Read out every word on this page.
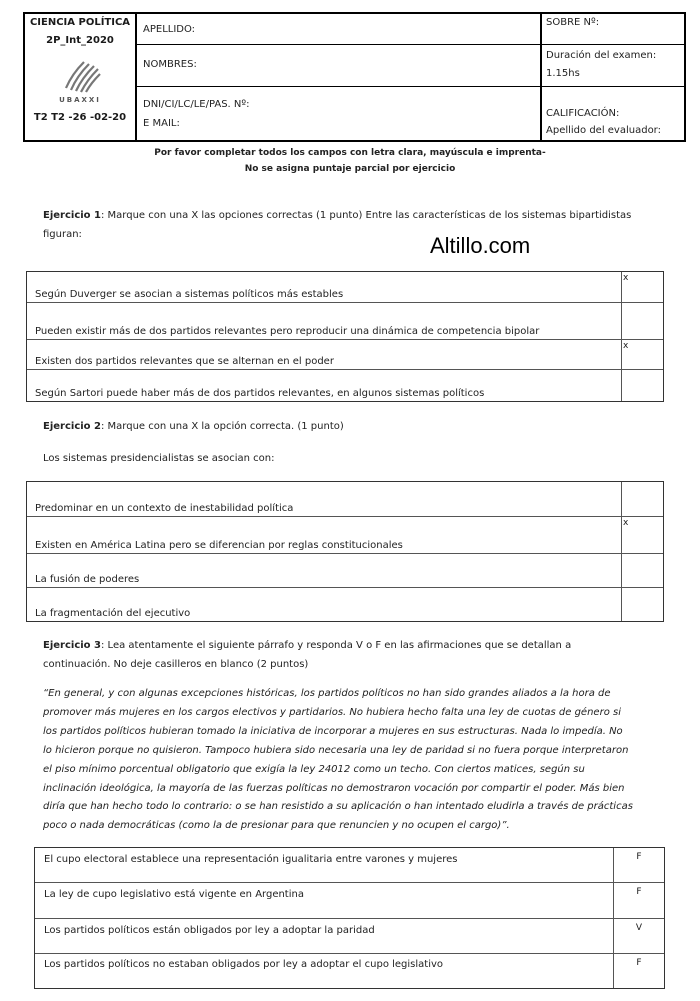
CIENCIA POLÍTICA
2P_Int_2020
UBAXXI
T2 T2 -26 -02-20
APELLIDO:
NOMBRES:
DNI/CI/LC/LE/PAS. Nº:
E MAIL:
SOBRE Nº:
Duración del examen:
1.15hs
CALIFICACIÓN:
Apellido del evaluador:
Por favor completar todos los campos con letra clara, mayúscula e imprenta-
No se asigna puntaje parcial por ejercicio
Ejercicio 1: Marque con una X las opciones correctas (1 punto) Entre las características de los sistemas bipartidistas
figuran:	Altillo.com
Según Duverger se asocian a sistemas políticos más estables
x
Pueden existir más de dos partidos relevantes pero reproducir una dinámica de competencia bipolar
Existen dos partidos relevantes que se alternan en el poder
x
Según Sartori puede haber más de dos partidos relevantes, en algunos sistemas políticos
Ejercicio 2: Marque con una X la opción correcta. (1 punto)
Los sistemas presidencialistas se asocian con:
Predominar en un contexto de inestabilidad política
Existen en América Latina pero se diferencian por reglas constitucionales
x
La fusión de poderes
La fragmentación del ejecutivo
Ejercicio 3: Lea atentamente el siguiente párrafo y responda V o F en las afirmaciones que se detallan a
continuación. No deje casilleros en blanco (2 puntos)
“En general, y con algunas excepciones históricas, los partidos políticos no han sido grandes aliados a la hora de
promover más mujeres en los cargos electivos y partidarios. No hubiera hecho falta una ley de cuotas de género si
los partidos políticos hubieran tomado la iniciativa de incorporar a mujeres en sus estructuras. Nada lo impedía. No
lo hicieron porque no quisieron. Tampoco hubiera sido necesaria una ley de paridad si no fuera porque interpretaron
el piso mínimo porcentual obligatorio que exigía la ley 24012 como un techo. Con ciertos matices, según su
inclinación ideológica, la mayoría de las fuerzas políticas no demostraron vocación por compartir el poder. Más bien
diría que han hecho todo lo contrario: o se han resistido a su aplicación o han intentado eludirla a través de prácticas
poco o nada democráticas (como la de presionar para que renuncien y no ocupen el cargo)”.
El cupo electoral establece una representación igualitaria entre varones y mujeres	F
La ley de cupo legislativo está vigente en Argentina	F
Los partidos políticos están obligados por ley a adoptar la paridad	V
Los partidos políticos no estaban obligados por ley a adoptar el cupo legislativo	F
